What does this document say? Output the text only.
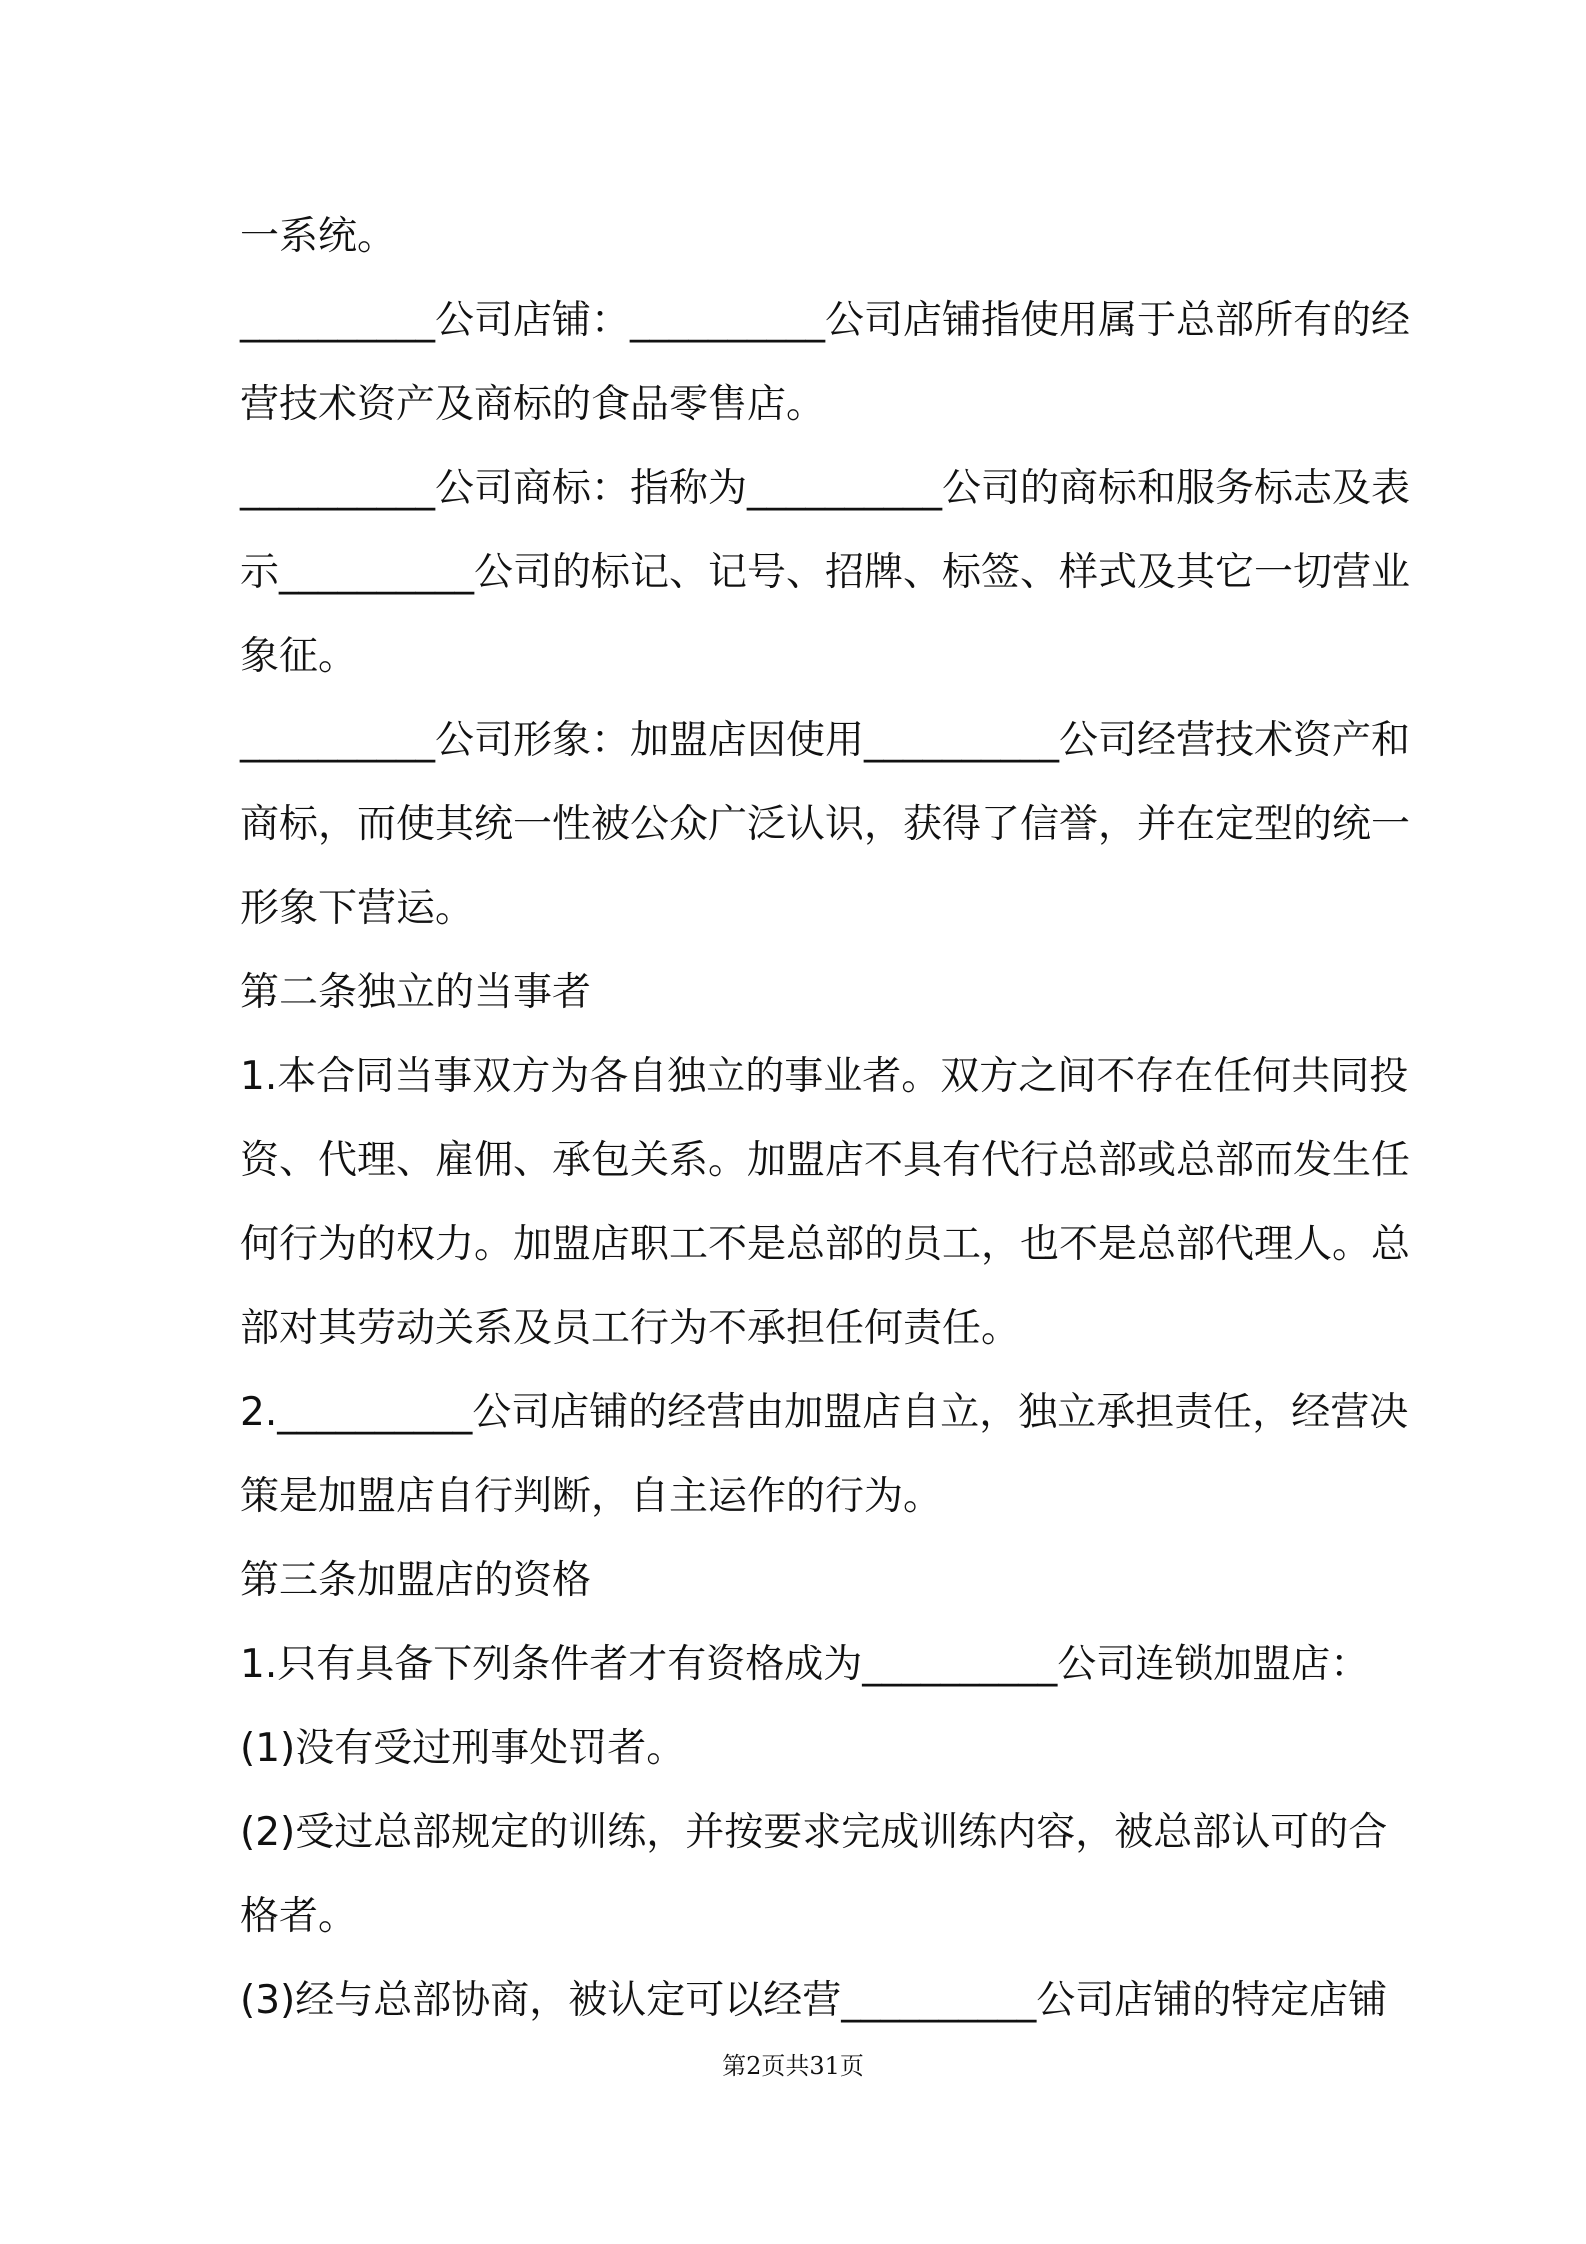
一系统。
__________公司店铺：__________公司店铺指使用属于总部所有的经
营技术资产及商标的食品零售店。
__________公司商标：指称为__________公司的商标和服务标志及表
示__________公司的标记、记号、招牌、标签、样式及其它一切营业
象征。
__________公司形象：加盟店因使用__________公司经营技术资产和
商标，而使其统一性被公众广泛认识，获得了信誉，并在定型的统一
形象下营运。
第二条独立的当事者
1.本合同当事双方为各自独立的事业者。双方之间不存在任何共同投
资、代理、雇佣、承包关系。加盟店不具有代行总部或总部而发生任
何行为的权力。加盟店职工不是总部的员工，也不是总部代理人。总
部对其劳动关系及员工行为不承担任何责任。
2.__________公司店铺的经营由加盟店自立，独立承担责任，经营决
策是加盟店自行判断，自主运作的行为。
第三条加盟店的资格
1.只有具备下列条件者才有资格成为__________公司连锁加盟店：
(1)没有受过刑事处罚者。
(2)受过总部规定的训练，并按要求完成训练内容，被总部认可的合
格者。
(3)经与总部协商，被认定可以经营__________公司店铺的特定店铺
第2页共31页
